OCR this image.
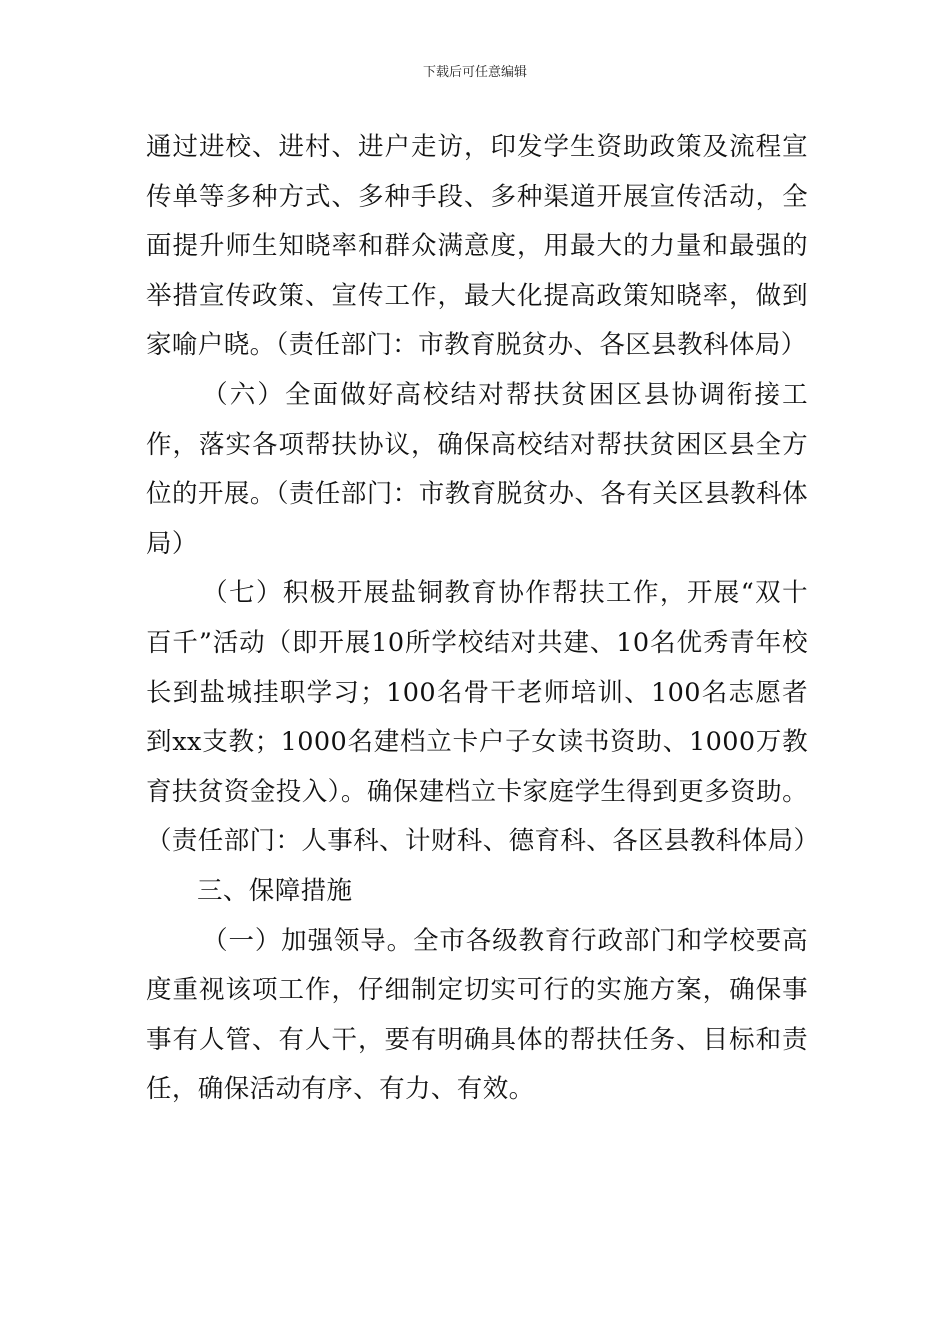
下载后可任意编辑

通过进校、进村、进户走访，印发学生资助政策及流程宣传单等多种方式、多种手段、多种渠道开展宣传活动，全面提升师生知晓率和群众满意度，用最大的力量和最强的举措宣传政策、宣传工作，最大化提高政策知晓率，做到家喻户晓。（责任部门：市教育脱贫办、各区县教科体局）

（六）全面做好高校结对帮扶贫困区县协调衔接工作，落实各项帮扶协议，确保高校结对帮扶贫困区县全方位的开展。（责任部门：市教育脱贫办、各有关区县教科体局）

（七）积极开展盐铜教育协作帮扶工作，开展“双十百千”活动（即开展10所学校结对共建、10名优秀青年校长到盐城挂职学习；100名骨干老师培训、100名志愿者到xx支教；1000名建档立卡户子女读书资助、1000万教育扶贫资金投入）。确保建档立卡家庭学生得到更多资助。（责任部门：人事科、计财科、德育科、各区县教科体局）

三、保障措施

（一）加强领导。全市各级教育行政部门和学校要高度重视该项工作，仔细制定切实可行的实施方案，确保事事有人管、有人干，要有明确具体的帮扶任务、目标和责任，确保活动有序、有力、有效。
